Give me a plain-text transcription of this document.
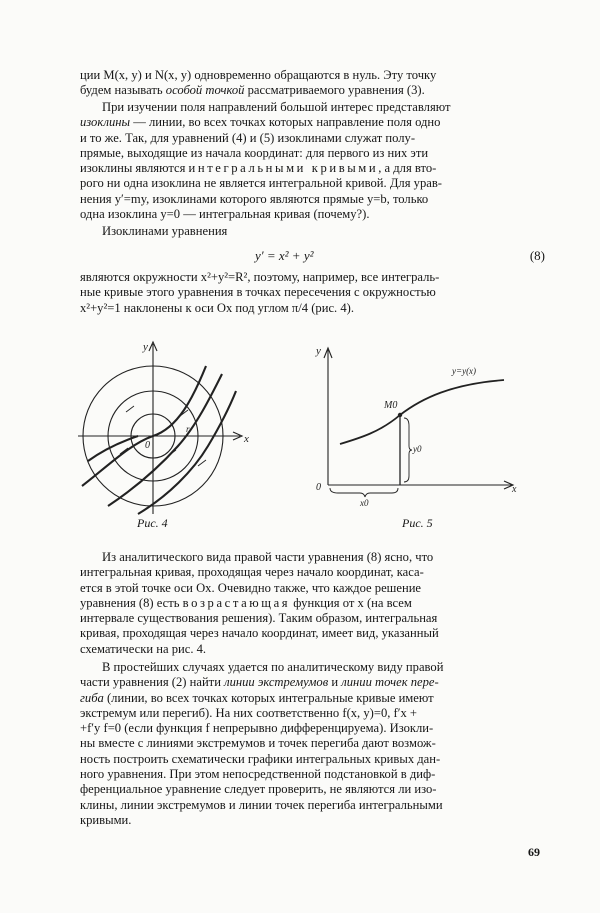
ции M(x, y) и N(x, y) одновременно обращаются в нуль. Эту точку

будем называть особой точкой рассматриваемого уравнения (3).

При изучении поля направлений большой интерес представляют

изоклины — линии, во всех точках которых направление поля одно

и то же. Так, для уравнений (4) и (5) изоклинами служат полу-

прямые, выходящие из начала координат: для первого из них эти

изоклины являются интегральными кривыми, а для вто-

рого ни одна изоклина не является интегральной кривой. Для урав-

нения y′=my, изоклинами которого являются прямые y=b, только

одна изоклина y=0 — интегральная кривая (почему?).

Изоклинами уравнения

y′ = x² + y²	(8)

являются окружности x²+y²=R², поэтому, например, все интеграль-

ные кривые этого уравнения в точках пересечения с окружностью

x²+y²=1 наклонены к оси Ox под углом π/4 (рис. 4).

y
x
0
r
Рис. 4
y
x
0
y=y(x)
M0
y0
x0
Рис. 5

Из аналитического вида правой части уравнения (8) ясно, что

интегральная кривая, проходящая через начало координат, каса-

ется в этой точке оси Ox. Очевидно также, что каждое решение

уравнения (8) есть возрастающая функция от x (на всем

интервале существования решения). Таким образом, интегральная

кривая, проходящая через начало координат, имеет вид, указанный

схематически на рис. 4.

В простейших случаях удается по аналитическому виду правой

части уравнения (2) найти линии экстремумов и линии точек пере-

гиба (линии, во всех точках которых интегральные кривые имеют

экстремум или перегиб). На них соответственно f(x, y)=0, f′x +

+f′y f=0 (если функция f непрерывно дифференцируема). Изокли-

ны вместе с линиями экстремумов и точек перегиба дают возмож-

ность построить схематически графики интегральных кривых дан-

ного уравнения. При этом непосредственной подстановкой в диф-

ференциальное уравнение следует проверить, не являются ли изо-

клины, линии экстремумов и линии точек перегиба интегральными

кривыми.

69
